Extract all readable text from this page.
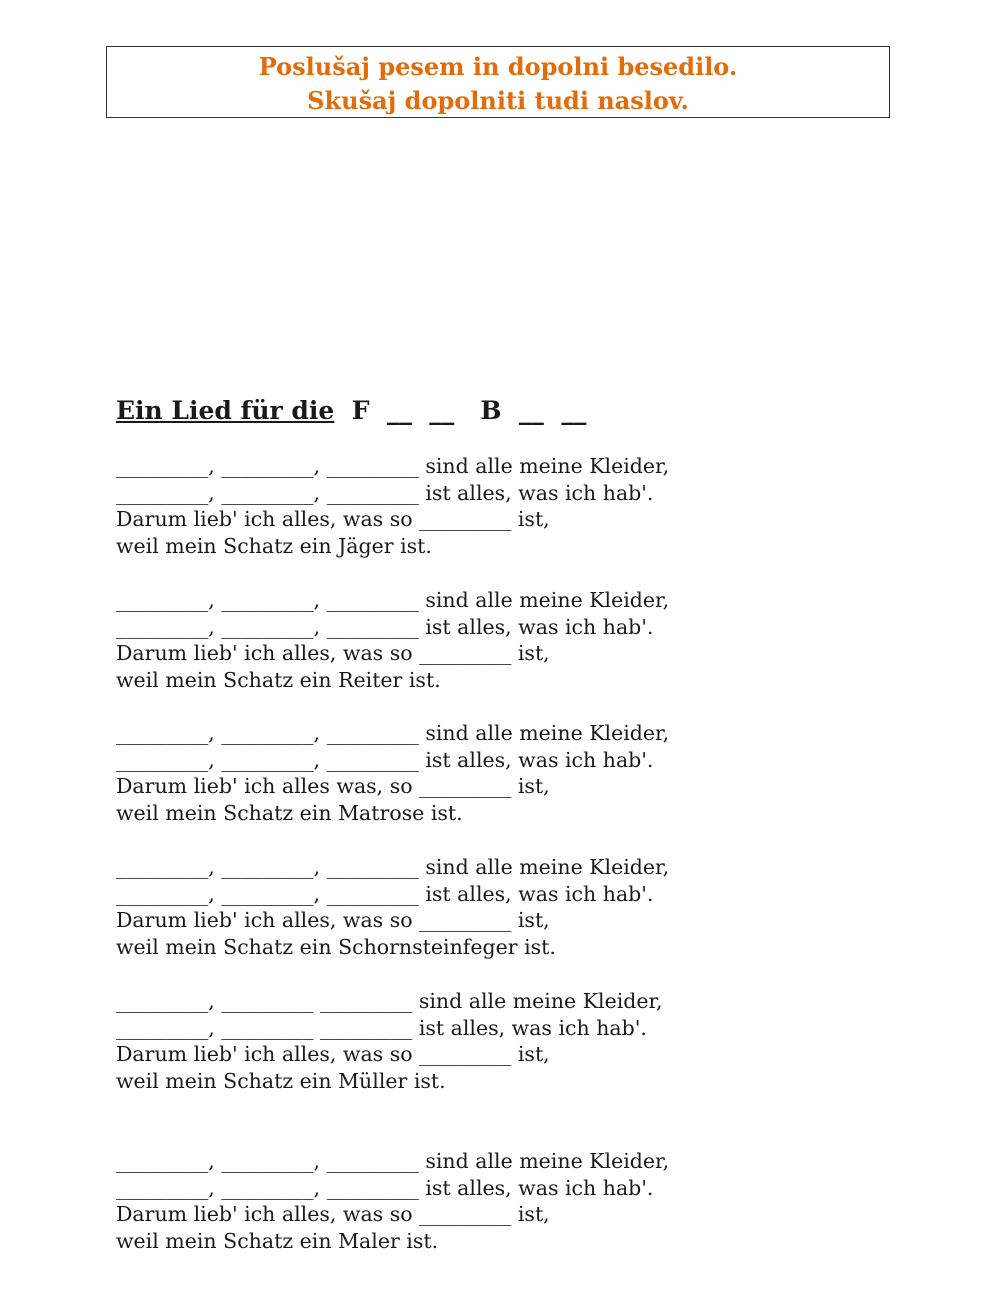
Poslušaj pesem in dopolni besedilo.
Skušaj dopolniti tudi naslov.
Ein Lied für die  F  __  __   B  __  __
_________, _________, _________ sind alle meine Kleider,
_________, _________, _________ ist alles, was ich hab'.
Darum lieb' ich alles, was so _________ ist,
weil mein Schatz ein Jäger ist.
_________, _________, _________ sind alle meine Kleider,
_________, _________, _________ ist alles, was ich hab'.
Darum lieb' ich alles, was so _________ ist,
weil mein Schatz ein Reiter ist.
_________, _________, _________ sind alle meine Kleider,
_________, _________, _________ ist alles, was ich hab'.
Darum lieb' ich alles was, so _________ ist,
weil mein Schatz ein Matrose ist.
_________, _________, _________ sind alle meine Kleider,
_________, _________, _________ ist alles, was ich hab'.
Darum lieb' ich alles, was so _________ ist,
weil mein Schatz ein Schornsteinfeger ist.
_________, _________ _________ sind alle meine Kleider,
_________, _________ _________ ist alles, was ich hab'.
Darum lieb' ich alles, was so _________ ist,
weil mein Schatz ein Müller ist.
_________, _________, _________ sind alle meine Kleider,
_________, _________, _________ ist alles, was ich hab'.
Darum lieb' ich alles, was so _________ ist,
weil mein Schatz ein Maler ist.
